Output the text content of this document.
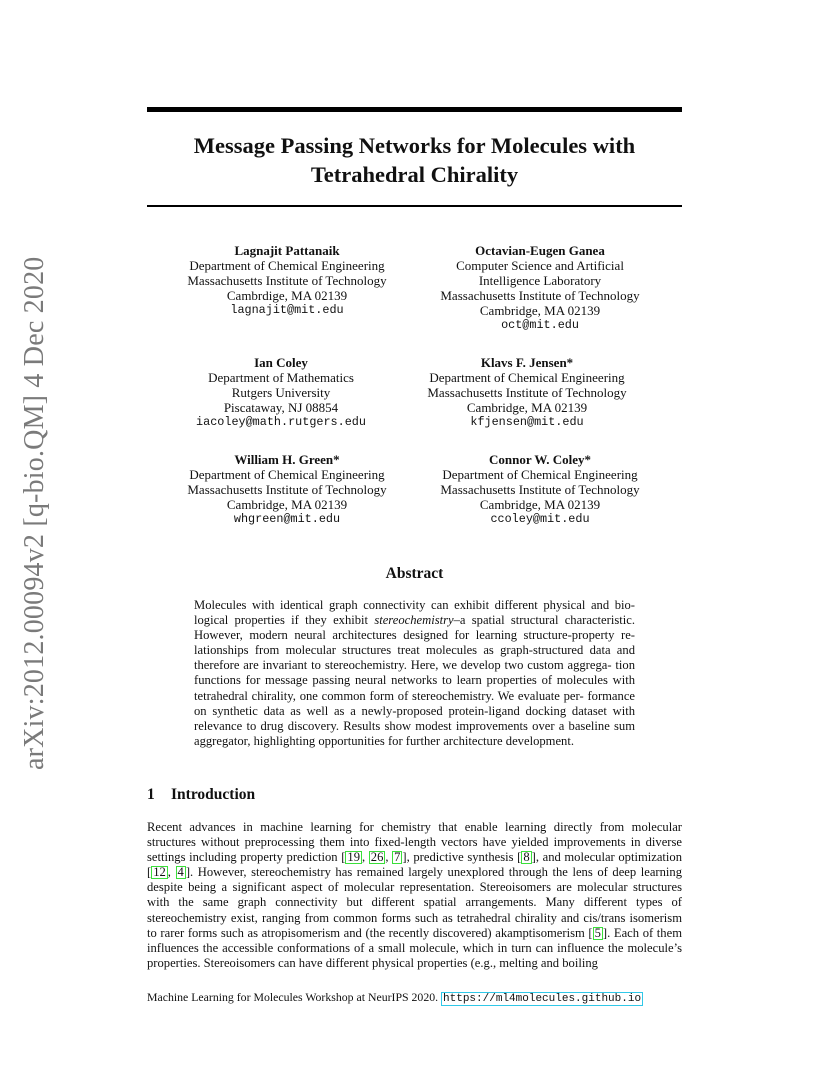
arXiv:2012.00094v2 [q-bio.QM] 4 Dec 2020
Message Passing Networks for Molecules with
Tetrahedral Chirality
Lagnajit Pattanaik
Department of Chemical Engineering
Massachusetts Institute of Technology
Cambrdige, MA 02139
lagnajit@mit.edu
Octavian-Eugen Ganea
Computer Science and Artificial
Intelligence Laboratory
Massachusetts Institute of Technology
Cambridge, MA 02139
oct@mit.edu
Ian Coley
Department of Mathematics
Rutgers University
Piscataway, NJ 08854
iacoley@math.rutgers.edu
Klavs F. Jensen*
Department of Chemical Engineering
Massachusetts Institute of Technology
Cambridge, MA 02139
kfjensen@mit.edu
William H. Green*
Department of Chemical Engineering
Massachusetts Institute of Technology
Cambridge, MA 02139
whgreen@mit.edu
Connor W. Coley*
Department of Chemical Engineering
Massachusetts Institute of Technology
Cambridge, MA 02139
ccoley@mit.edu
Abstract
Molecules with identical graph connectivity can exhibit different physical and bio- logical properties if they exhibit stereochemistry–a spatial structural characteristic. However, modern neural architectures designed for learning structure-property re- lationships from molecular structures treat molecules as graph-structured data and therefore are invariant to stereochemistry. Here, we develop two custom aggrega- tion functions for message passing neural networks to learn properties of molecules with tetrahedral chirality, one common form of stereochemistry. We evaluate per- formance on synthetic data as well as a newly-proposed protein-ligand docking dataset with relevance to drug discovery. Results show modest improvements over a baseline sum aggregator, highlighting opportunities for further architecture development.
1 Introduction
Recent advances in machine learning for chemistry that enable learning directly from molecular structures without preprocessing them into fixed-length vectors have yielded improvements in diverse settings including property prediction [ 19 , 26 , 7 ], predictive synthesis [ 8 ], and molecular optimization [ 12 , 4 ]. However, stereochemistry has remained largely unexplored through the lens of deep learning despite being a significant aspect of molecular representation. Stereoisomers are molecular structures with the same graph connectivity but different spatial arrangements. Many different types of stereochemistry exist, ranging from common forms such as tetrahedral chirality and cis/trans isomerism to rarer forms such as atropisomerism and (the recently discovered) akamptisomerism [ 5 ]. Each of them influences the accessible conformations of a small molecule, which in turn can influence the molecule’s properties. Stereoisomers can have different physical properties (e.g., melting and boiling
Machine Learning for Molecules Workshop at NeurIPS 2020. https://ml4molecules.github.io
